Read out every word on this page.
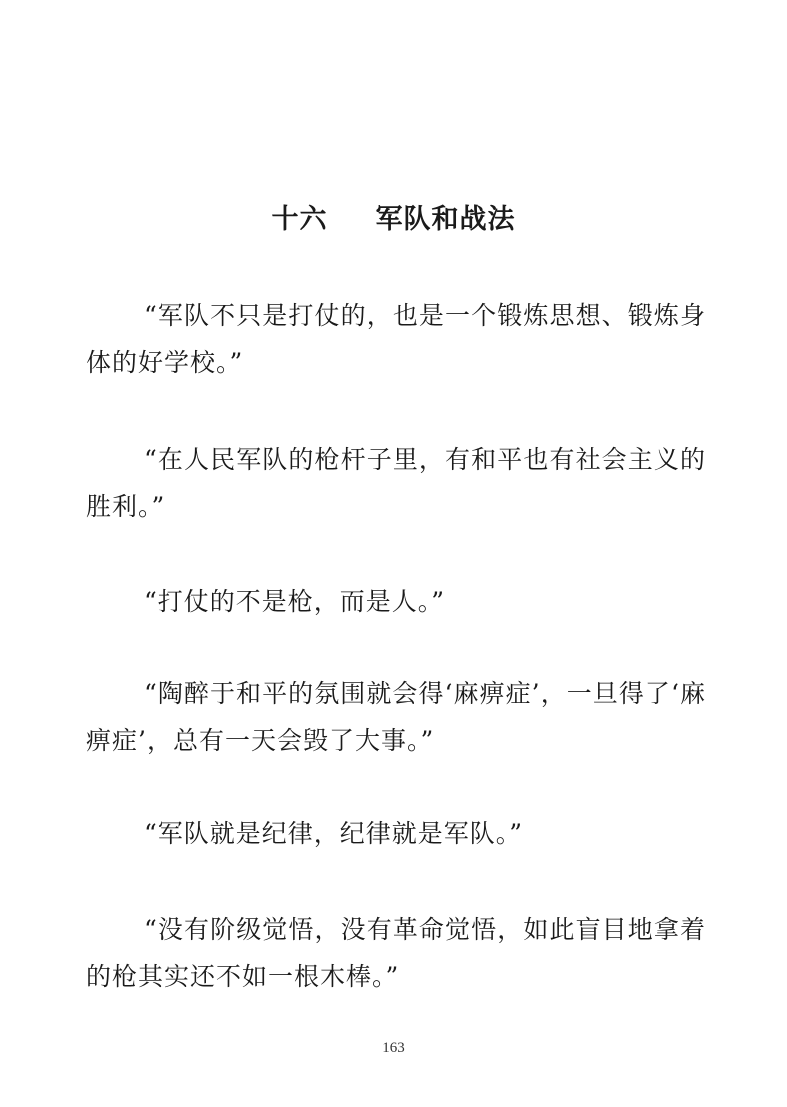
十六 军队和战法

“军队不只是打仗的，也是一个锻炼思想、锻炼身体的好学校。”

“在人民军队的枪杆子里，有和平也有社会主义的胜利。”

“打仗的不是枪，而是人。”

“陶醉于和平的氛围就会得‘麻痹症’，一旦得了‘麻痹症’，总有一天会毁了大事。”

“军队就是纪律，纪律就是军队。”

“没有阶级觉悟，没有革命觉悟，如此盲目地拿着的枪其实还不如一根木棒。”

163
